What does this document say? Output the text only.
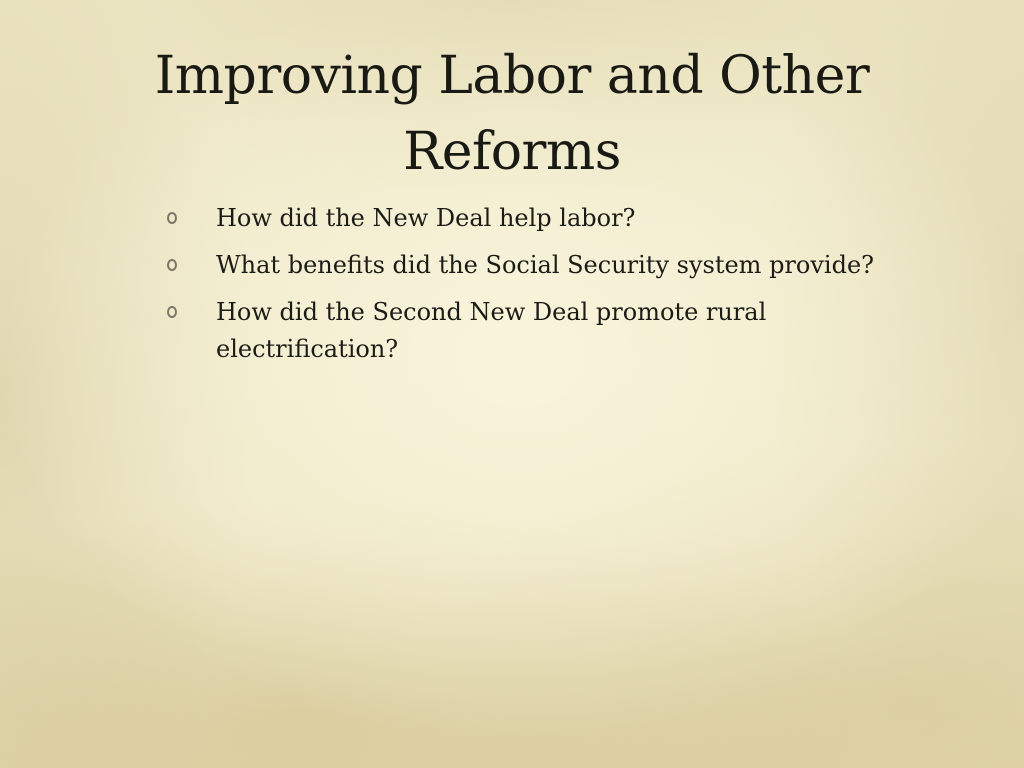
Improving Labor and Other Reforms
How did the New Deal help labor?
What benefits did the Social Security system provide?
How did the Second New Deal promote rural electrification?
